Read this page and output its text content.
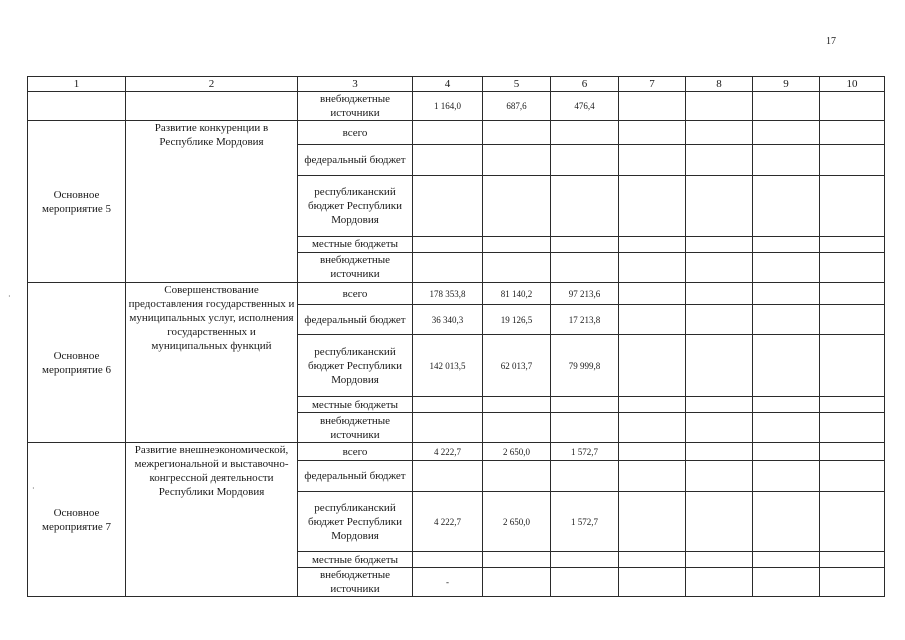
17
·
·
1	2	3	4	5	6	7	8	9	10
		внебюджетные источники	1 164,0	687,6	476,4				
Основное мероприятие 5	Развитие конкуренции в Республике Мордовия	всего							
		федеральный бюджет							
		республиканский бюджет Республики Мордовия							
		местные бюджеты							
		внебюджетные источники							
Основное мероприятие 6	Совершенствование предоставления государственных и муниципальных услуг, исполнения государственных и муниципальных функций	всего	178 353,8	81 140,2	97 213,6				
		федеральный бюджет	36 340,3	19 126,5	17 213,8				
		республиканский бюджет Республики Мордовия	142 013,5	62 013,7	79 999,8				
		местные бюджеты							
		внебюджетные источники							
Основное мероприятие 7	Развитие внешнеэкономической, межрегиональной и выставочно-конгрессной деятельности Республики Мордовия	всего	4 222,7	2 650,0	1 572,7				
		федеральный бюджет							
		республиканский бюджет Республики Мордовия	4 222,7	2 650,0	1 572,7				
		местные бюджеты							
		внебюджетные источники	-						
